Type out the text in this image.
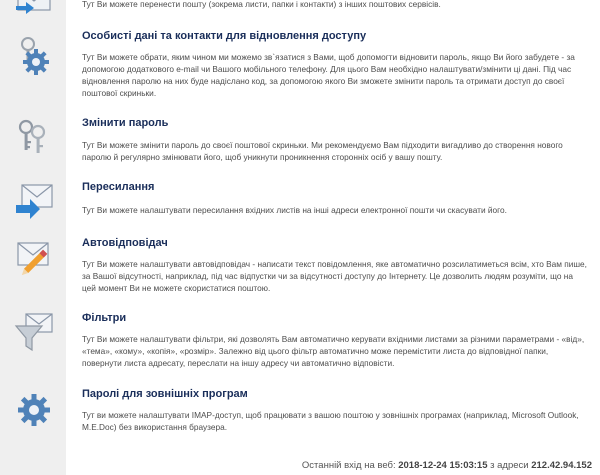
Тут Ви можете перенести пошту (зокрема листи, папки і контакти) з інших поштових сервісів.
Особисті дані та контакти для відновлення доступу
Тут Ви можете обрати, яким чином ми можемо зв`язатися з Вами, щоб допомогти відновити пароль, якщо Ви його забудете - за допомогою додаткового e-mail чи Вашого мобільного телефону. Для цього Вам необхідно налаштувати/змінити ці дані. Під час відновлення паролю на них буде надіслано код, за допомогою якого Ви зможете змінити пароль та отримати доступ до своєї поштової скриньки.
Змінити пароль
Тут Ви можете змінити пароль до своєї поштової скриньки. Ми рекомендуємо Вам підходити вигадливо до створення нового паролю й регулярно змінювати його, щоб уникнути проникнення сторонніх осіб у вашу пошту.
Пересилання
Тут Ви можете налаштувати пересилання вхідних листів на інші адреси електронної пошти чи скасувати його.
Автовідповідач
Тут Ви можете налаштувати автовідповідач - написати текст повідомлення, яке автоматично розсилатиметься всім, хто Вам пише, за Вашої відсутності, наприклад, під час відпустки чи за відсутності доступу до Інтернету. Це дозволить людям розуміти, що на цей момент Ви не можете скористатися поштою.
Фільтри
Тут Ви можете налаштувати фільтри, які дозволять Вам автоматично керувати вхідними листами за різними параметрами - «від», «тема», «кому», «копія», «розмір». Залежно від цього фільтр автоматично може перемістити листа до відповідної папки, повернути листа адресату, переслати на іншу адресу чи автоматично відповісти.
Паролі для зовнішніх програм
Тут ви можете налаштувати IMAP-доступ, щоб працювати з вашою поштою у зовнішніх програмах (наприклад, Microsoft Outlook, M.E.Doc) без використання браузера.
Останній вхід на веб: 2018-12-24 15:03:15 з адреси 212.42.94.152
